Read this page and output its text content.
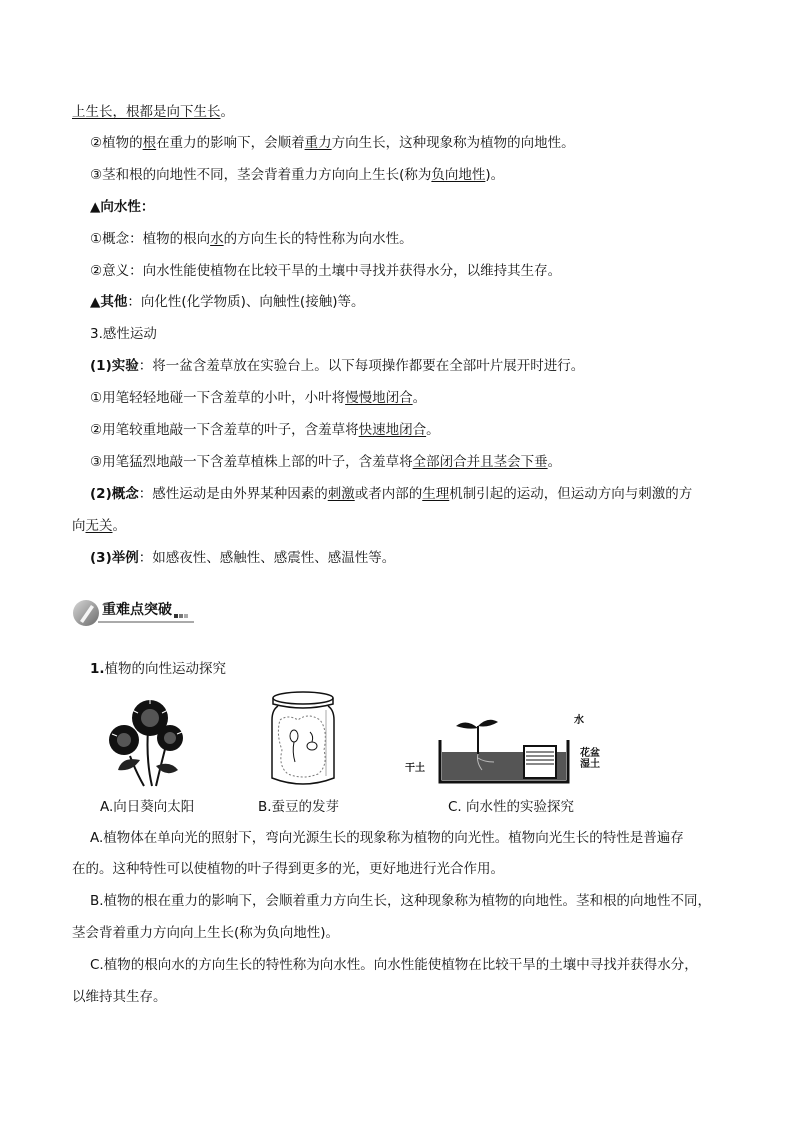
上生长，根都是向下生长。
②植物的根在重力的影响下，会顺着重力方向生长，这种现象称为植物的向地性。
③茎和根的向地性不同，茎会背着重力方向向上生长(称为负向地性)。
▲向水性：
①概念：植物的根向水的方向生长的特性称为向水性。
②意义：向水性能使植物在比较干旱的土壤中寻找并获得水分，以维持其生存。
▲其他：向化性(化学物质)、向触性(接触)等。
3.感性运动
(1)实验：将一盆含羞草放在实验台上。以下每项操作都要在全部叶片展开时进行。
①用笔轻轻地碰一下含羞草的小叶，小叶将慢慢地闭合。
②用笔较重地敲一下含羞草的叶子，含羞草将快速地闭合。
③用笔猛烈地敲一下含羞草植株上部的叶子，含羞草将全部闭合并且茎会下垂。
(2)概念：感性运动是由外界某种因素的刺激或者内部的生理机制引起的运动，但运动方向与刺激的方
向无关。
(3)举例：如感夜性、感触性、感震性、感温性等。
重难点突破
1.植物的向性运动探究
水
花盆
湿土
干土
A.向日葵向太阳	B.蚕豆的发芽	C. 向水性的实验探究
A.植物体在单向光的照射下，弯向光源生长的现象称为植物的向光性。植物向光生长的特性是普遍存
在的。这种特性可以使植物的叶子得到更多的光，更好地进行光合作用。
B.植物的根在重力的影响下，会顺着重力方向生长，这种现象称为植物的向地性。茎和根的向地性不同，
茎会背着重力方向向上生长(称为负向地性)。
C.植物的根向水的方向生长的特性称为向水性。向水性能使植物在比较干旱的土壤中寻找并获得水分，
以维持其生存。
